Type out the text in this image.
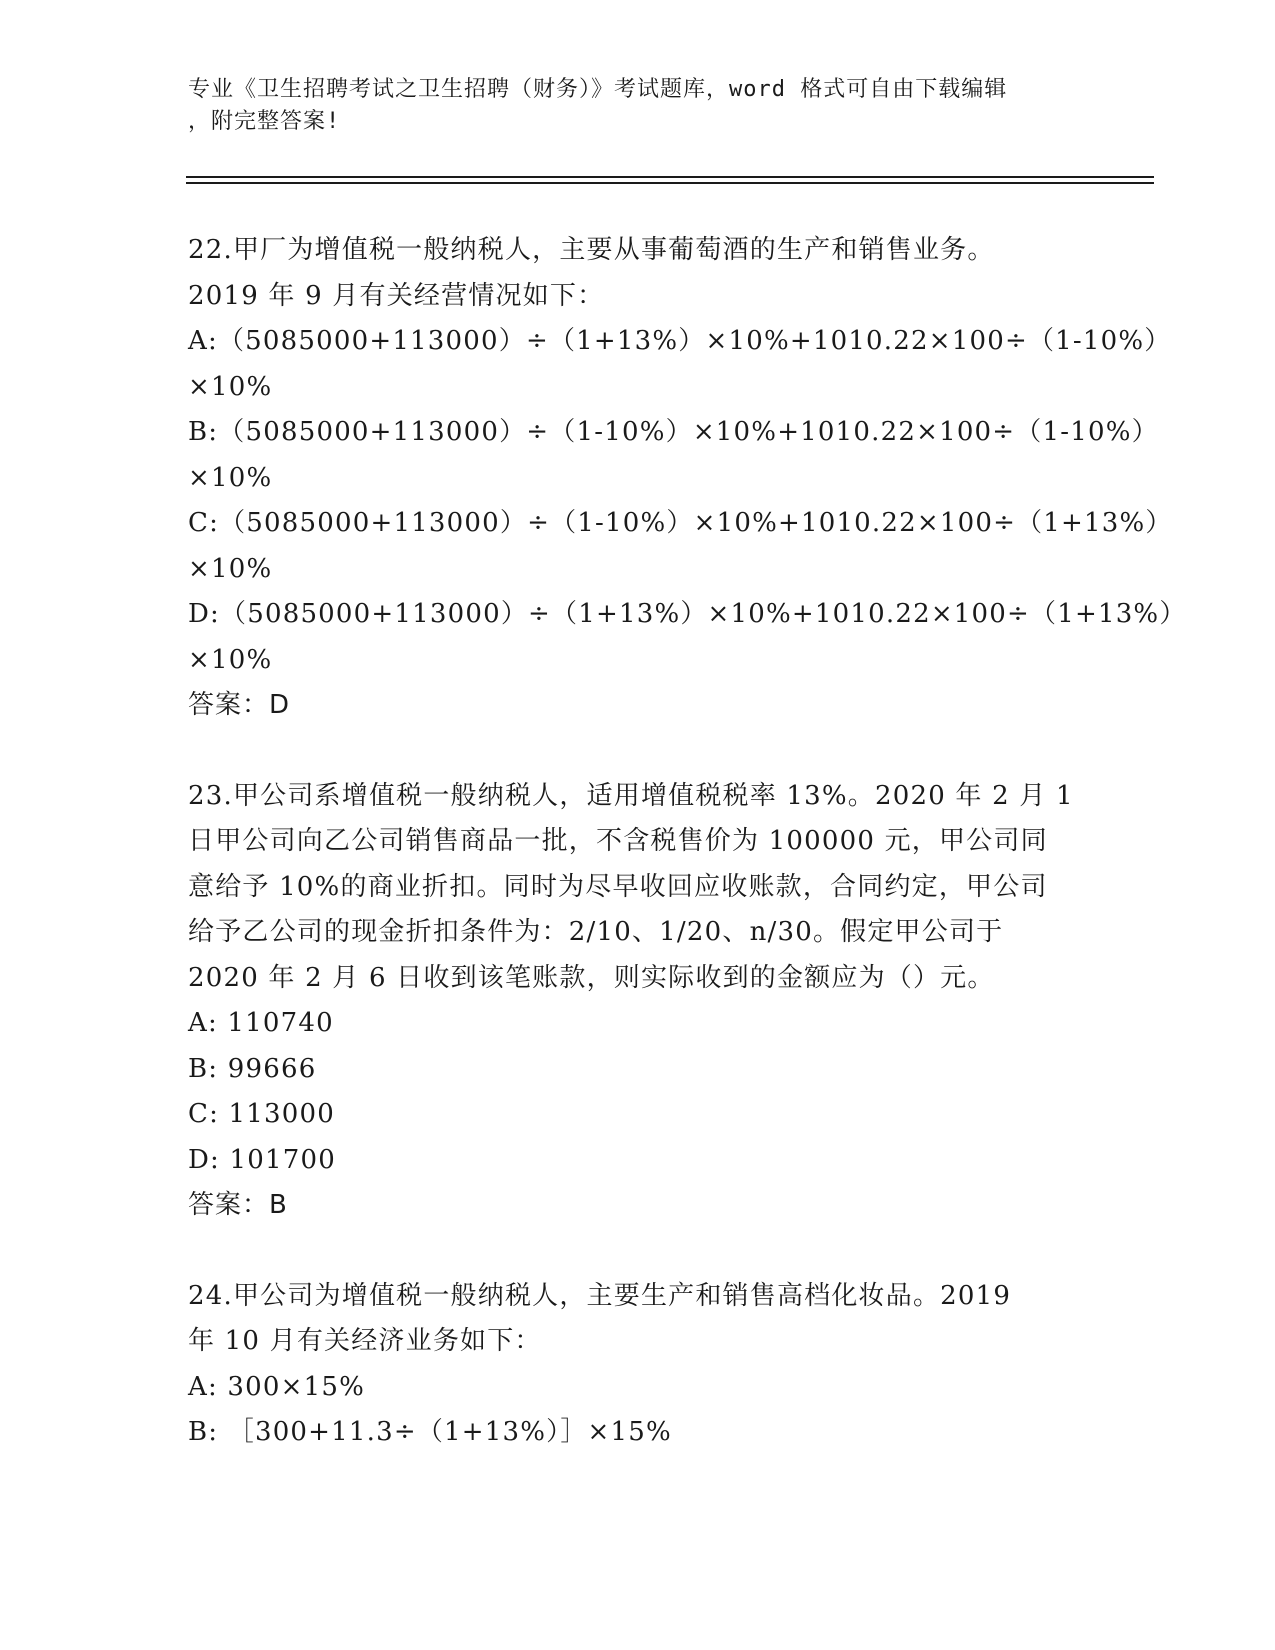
专业《卫生招聘考试之卫生招聘（财务）》考试题库，word 格式可自由下载编辑
，附完整答案!
22.甲厂为增值税一般纳税人，主要从事葡萄酒的生产和销售业务。
2019 年 9 月有关经营情况如下：
A:（5085000+113000）÷（1+13%）×10%+1010.22×100÷（1-10%）
×10%
B:（5085000+113000）÷（1-10%）×10%+1010.22×100÷（1-10%）
×10%
C:（5085000+113000）÷（1-10%）×10%+1010.22×100÷（1+13%）
×10%
D:（5085000+113000）÷（1+13%）×10%+1010.22×100÷（1+13%）
×10%
答案：D
23.甲公司系增值税一般纳税人，适用增值税税率 13%。2020 年 2 月 1
日甲公司向乙公司销售商品一批，不含税售价为 100000 元，甲公司同
意给予 10%的商业折扣。同时为尽早收回应收账款，合同约定，甲公司
给予乙公司的现金折扣条件为：2/10、1/20、n/30。假定甲公司于
2020 年 2 月 6 日收到该笔账款，则实际收到的金额应为（）元。
A: 110740
B: 99666
C: 113000
D: 101700
答案：B
24.甲公司为增值税一般纳税人，主要生产和销售高档化妆品。2019
年 10 月有关经济业务如下：
A: 300×15%
B: ［300+11.3÷（1+13%）］×15%
